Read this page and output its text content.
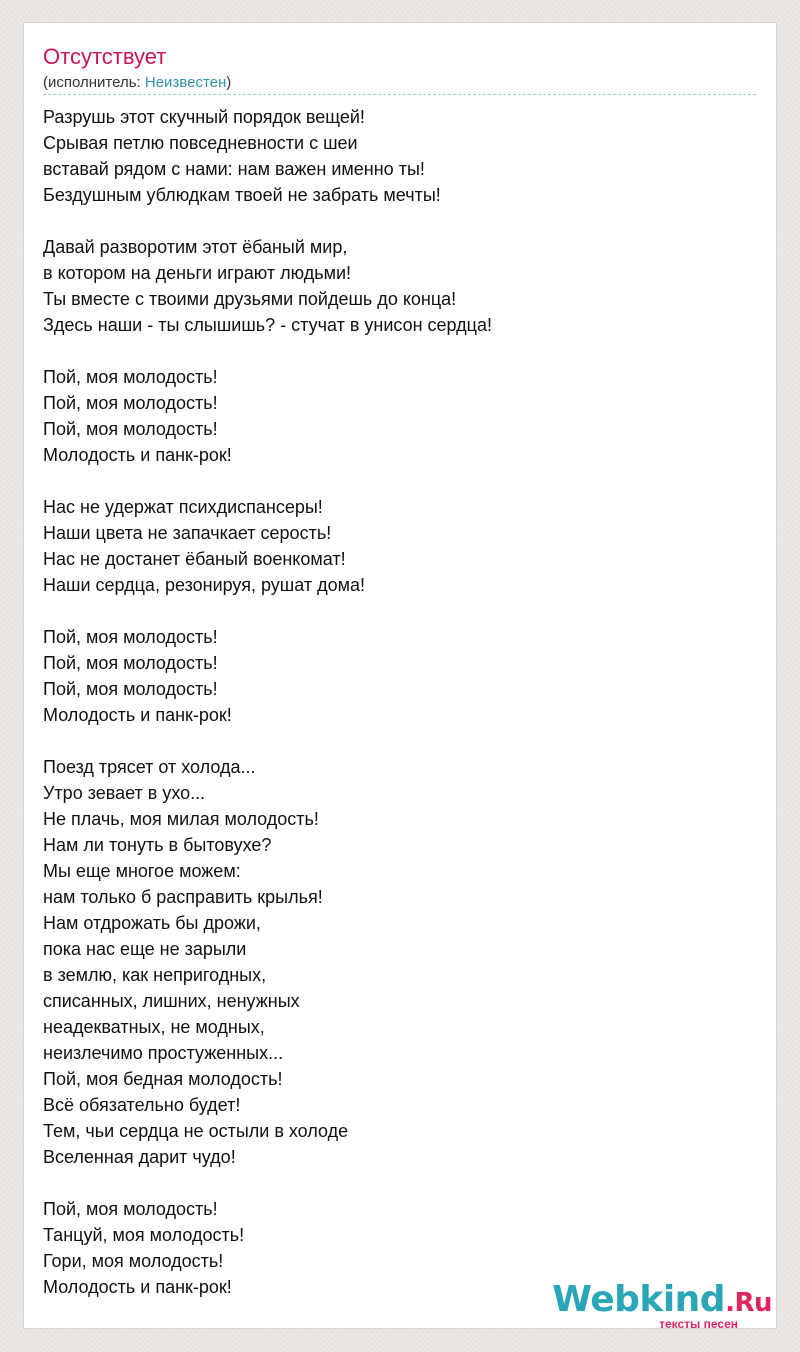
Отсутствует
(исполнитель: Неизвестен)
Разрушь этот скучный порядок вещей!
Срывая петлю повседневности с шеи
вставай рядом с нами: нам важен именно ты!
Бездушным ублюдкам твоей не забрать мечты!
Давай разворотим этот ёбаный мир,
в котором на деньги играют людьми!
Ты вместе с твоими друзьями пойдешь до конца!
Здесь наши - ты слышишь? - стучат в унисон сердца!
Пой, моя молодость!
Пой, моя молодость!
Пой, моя молодость!
Молодость и панк-рок!
Нас не удержат психдиспансеры!
Наши цвета не запачкает серость!
Нас не достанет ёбаный военкомат!
Наши сердца, резонируя, рушат дома!
Пой, моя молодость!
Пой, моя молодость!
Пой, моя молодость!
Молодость и панк-рок!
Поезд трясет от холода...
Утро зевает в ухо...
Не плачь, моя милая молодость!
Нам ли тонуть в бытовухе?
Мы еще многое можем:
нам только б расправить крылья!
Нам отдрожать бы дрожи,
пока нас еще не зарыли
в землю, как непригодных,
списанных, лишних, ненужных
неадекватных, не модных,
неизлечимо простуженных...
Пой, моя бедная молодость!
Всё обязательно будет!
Тем, чьи сердца не остыли в холоде
Вселенная дарит чудо!
Пой, моя молодость!
Танцуй, моя молодость!
Гори, моя молодость!
Молодость и панк-рок!	Webkind.Ru
тексты песен
